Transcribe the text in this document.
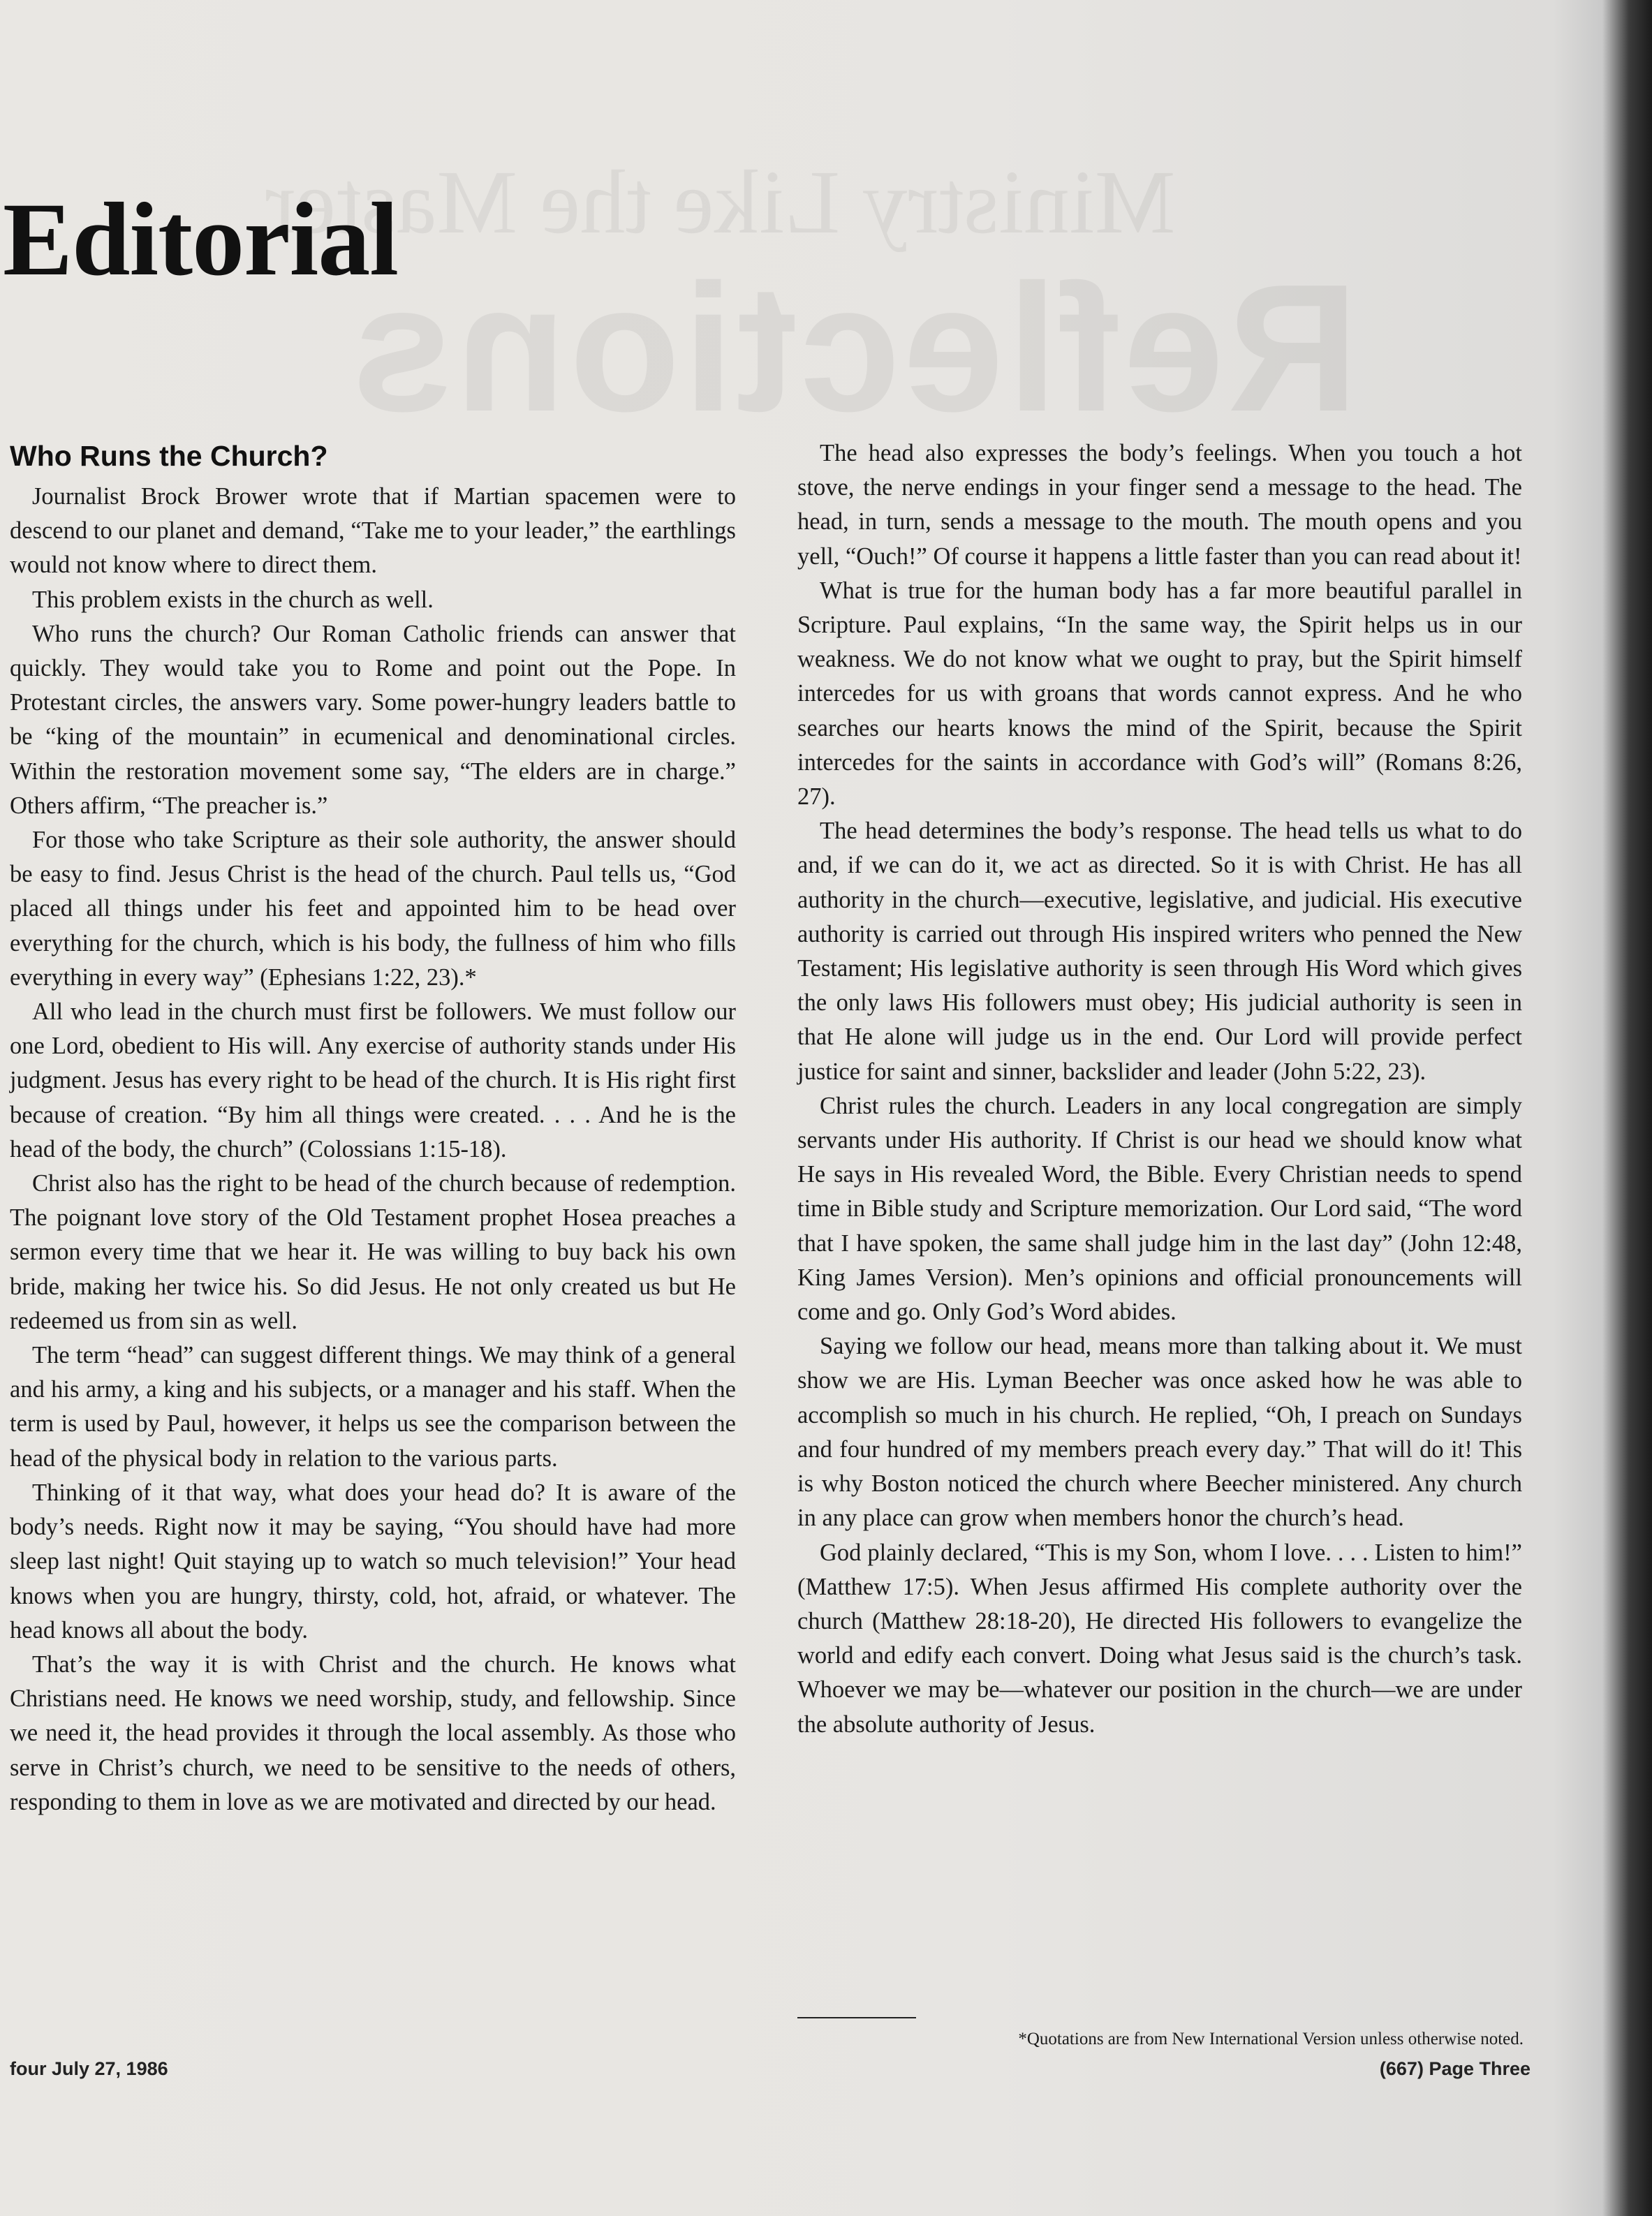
Ministry Like the Master
Reflections
Editorial
Who Runs the Church?

Journalist Brock Brower wrote that if Martian spacemen were to descend to our planet and demand, “Take me to your leader,” the earthlings would not know where to direct them.

This problem exists in the church as well.

Who runs the church? Our Roman Catholic friends can answer that quickly. They would take you to Rome and point out the Pope. In Protestant circles, the answers vary. Some power-hungry leaders battle to be “king of the mountain” in ecumenical and denominational circles. Within the restoration movement some say, “The elders are in charge.” Others affirm, “The preacher is.”

For those who take Scripture as their sole authority, the answer should be easy to find. Jesus Christ is the head of the church. Paul tells us, “God placed all things under his feet and appointed him to be head over everything for the church, which is his body, the fullness of him who fills everything in every way” (Ephesians 1:22, 23).*

All who lead in the church must first be followers. We must follow our one Lord, obedient to His will. Any exercise of authority stands under His judgment. Jesus has every right to be head of the church. It is His right first because of creation. “By him all things were created. . . . And he is the head of the body, the church” (Colossians 1:15-18).

Christ also has the right to be head of the church because of redemption. The poignant love story of the Old Testament prophet Hosea preaches a sermon every time that we hear it. He was willing to buy back his own bride, making her twice his. So did Jesus. He not only created us but He redeemed us from sin as well.

The term “head” can suggest different things. We may think of a general and his army, a king and his subjects, or a manager and his staff. When the term is used by Paul, however, it helps us see the comparison between the head of the physical body in relation to the various parts.

Thinking of it that way, what does your head do? It is aware of the body’s needs. Right now it may be saying, “You should have had more sleep last night! Quit staying up to watch so much television!” Your head knows when you are hungry, thirsty, cold, hot, afraid, or whatever. The head knows all about the body.

That’s the way it is with Christ and the church. He knows what Christians need. He knows we need worship, study, and fellowship. Since we need it, the head provides it through the local assembly. As those who serve in Christ’s church, we need to be sensitive to the needs of others, responding to them in love as we are motivated and directed by our head.

The head also expresses the body’s feelings. When you touch a hot stove, the nerve endings in your finger send a message to the head. The head, in turn, sends a message to the mouth. The mouth opens and you yell, “Ouch!” Of course it happens a little faster than you can read about it!

What is true for the human body has a far more beautiful parallel in Scripture. Paul explains, “In the same way, the Spirit helps us in our weakness. We do not know what we ought to pray, but the Spirit himself intercedes for us with groans that words cannot express. And he who searches our hearts knows the mind of the Spirit, because the Spirit intercedes for the saints in accordance with God’s will” (Romans 8:26, 27).

The head determines the body’s response. The head tells us what to do and, if we can do it, we act as directed. So it is with Christ. He has all authority in the church—executive, legislative, and judicial. His executive authority is carried out through His inspired writers who penned the New Testament; His legislative authority is seen through His Word which gives the only laws His followers must obey; His judicial authority is seen in that He alone will judge us in the end. Our Lord will provide perfect justice for saint and sinner, backslider and leader (John 5:22, 23).

Christ rules the church. Leaders in any local congregation are simply servants under His authority. If Christ is our head we should know what He says in His revealed Word, the Bible. Every Christian needs to spend time in Bible study and Scripture memorization. Our Lord said, “The word that I have spoken, the same shall judge him in the last day” (John 12:48, King James Version). Men’s opinions and official pronouncements will come and go. Only God’s Word abides.

Saying we follow our head, means more than talking about it. We must show we are His. Lyman Beecher was once asked how he was able to accomplish so much in his church. He replied, “Oh, I preach on Sundays and four hundred of my members preach every day.” That will do it! This is why Boston noticed the church where Beecher ministered. Any church in any place can grow when members honor the church’s head.

God plainly declared, “This is my Son, whom I love. . . . Listen to him!” (Matthew 17:5). When Jesus affirmed His complete authority over the church (Matthew 28:18-20), He directed His followers to evangelize the world and edify each convert. Doing what Jesus said is the church’s task. Whoever we may be—whatever our position in the church—we are under the absolute authority of Jesus.

*Quotations are from New International Version unless otherwise noted.
four July 27, 1986	(667) Page Three
